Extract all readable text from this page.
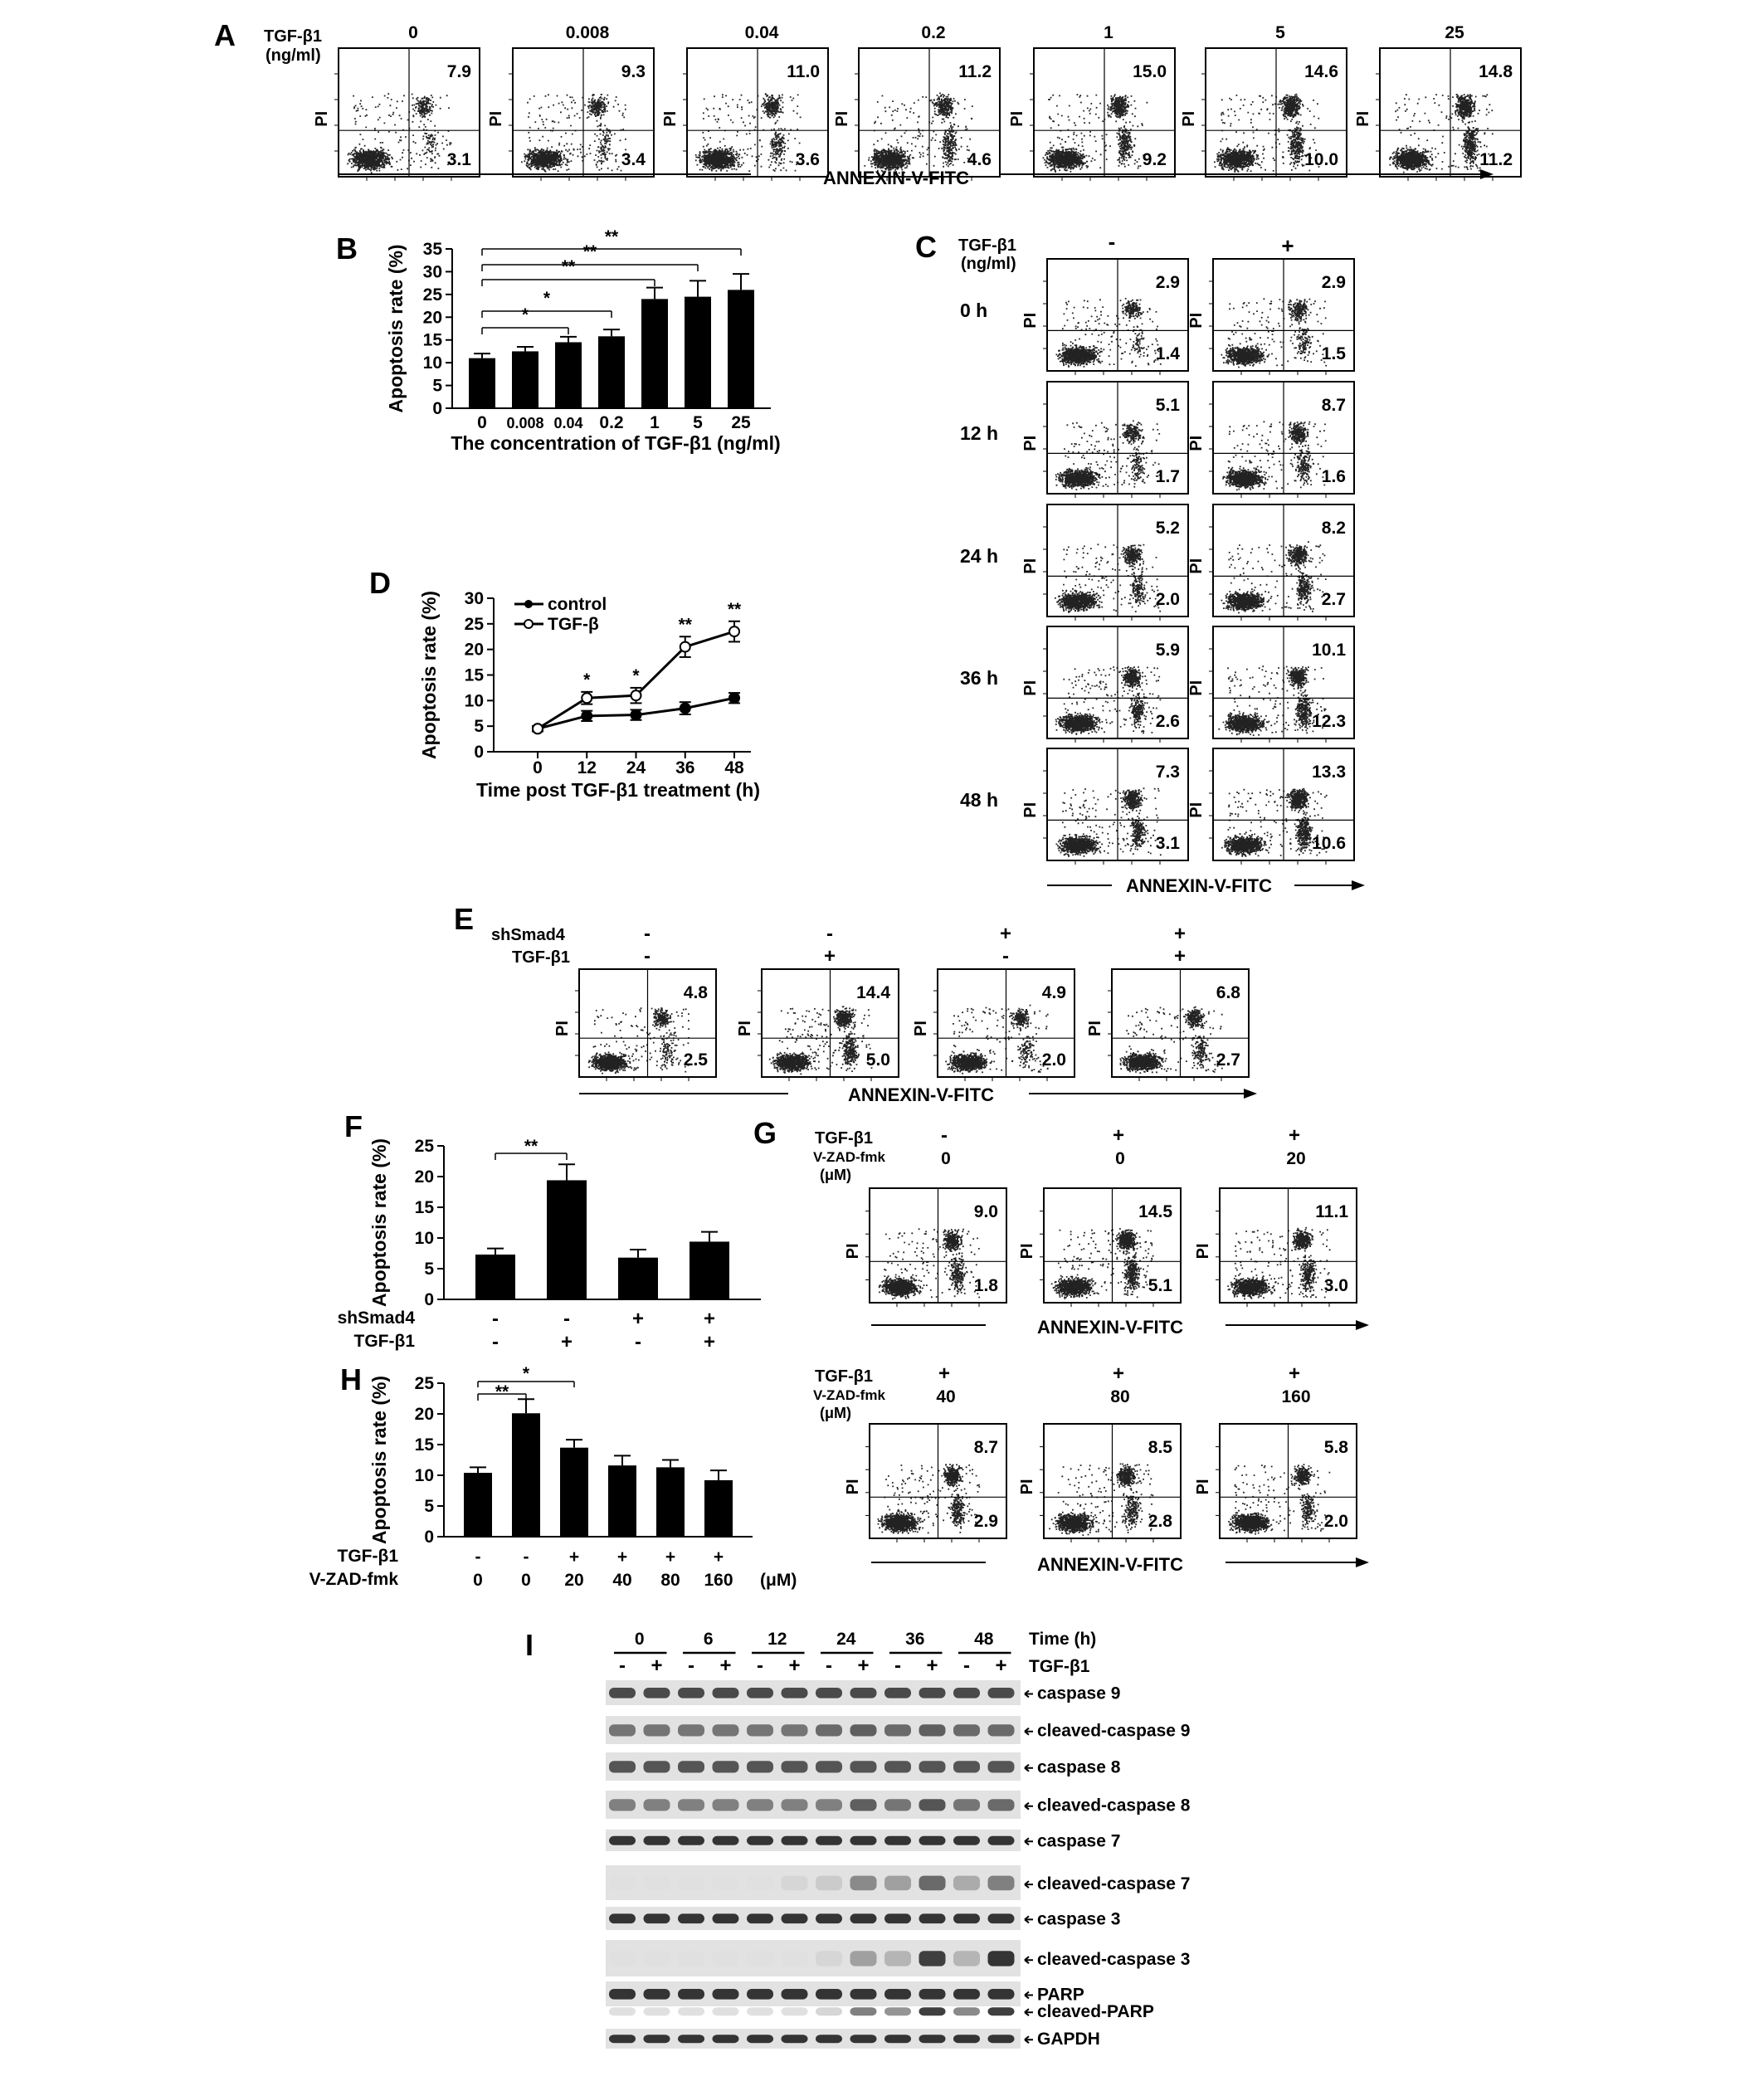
A TGF-β1
(ng/ml)
0
7.9
3.1
PI
0.008
9.3
3.4
PI
0.04
11.0
3.6
PI
0.2
11.2
4.6
PI
1
15.0
9.2
PI
5
14.6
10.0
PI
25
14.8
11.2
PI
ANNEXIN-V-FITC
B
0
5
10
15
20
25
30
35
Apoptosis rate (%)
0 0.008 0.04 0.2 1 5 25
The concentration of TGF-β1 (ng/ml)
*
*
**
**
**	C TGF-β1
(ng/ml)
-	+
0 h
2.9
1.4
PI
2.9
1.5
PI
12 h
5.1
1.7
PI
8.7
1.6
PI
24 h
5.2
2.0
PI
8.2
2.7
PI
36 h
5.9
2.6
PI
10.1
12.3
PI
48 h
7.3
3.1
PI
13.3
10.6
PI
ANNEXIN-V-FITC
D
0
5
10
15
20
25
30
0 12 24 36 48
* *
**
**
control
TGF-β
Apoptosis rate (%)
Time post TGF-β1 treatment (h)
E shSmad4
TGF-β1
-
-
4.8
2.5
PI
-
+
14.4
5.0
PI
+
-
4.9
2.0
PI
+
+
6.8
2.7
PI
ANNEXIN-V-FITC
F
0
5
10
15
20
25
Apoptosis rate (%)
shSmad4	-	-	+	+
TGF-β1	-	+	-	+
**	G TGF-β1
V-ZAD-fmk
(μM)
TGF-β1
V-ZAD-fmk
(μM)
-
0
9.0
1.8
PI
+
0
14.5
5.1
PI
+
20
11.1
3.0
PI
+
40
8.7
2.9
PI
+
80
8.5
2.8
PI
+
160
5.8
2.0
PI
ANNEXIN-V-FITC
ANNEXIN-V-FITC
H
0
5
10
15
20
25
Apoptosis rate (%)
TGF-β1	- - + + + +
V-ZAD-fmk	0 0 20 40 80 160 (μM)
**
*
I	0	6	12	24	36	48 Time (h)
- + - + - + - + - + - + TGF-β1
caspase 9
cleaved-caspase 9
caspase 8
cleaved-caspase 8
caspase 7
cleaved-caspase 7
caspase 3
cleaved-caspase 3
PARP
cleaved-PARP
GAPDH
